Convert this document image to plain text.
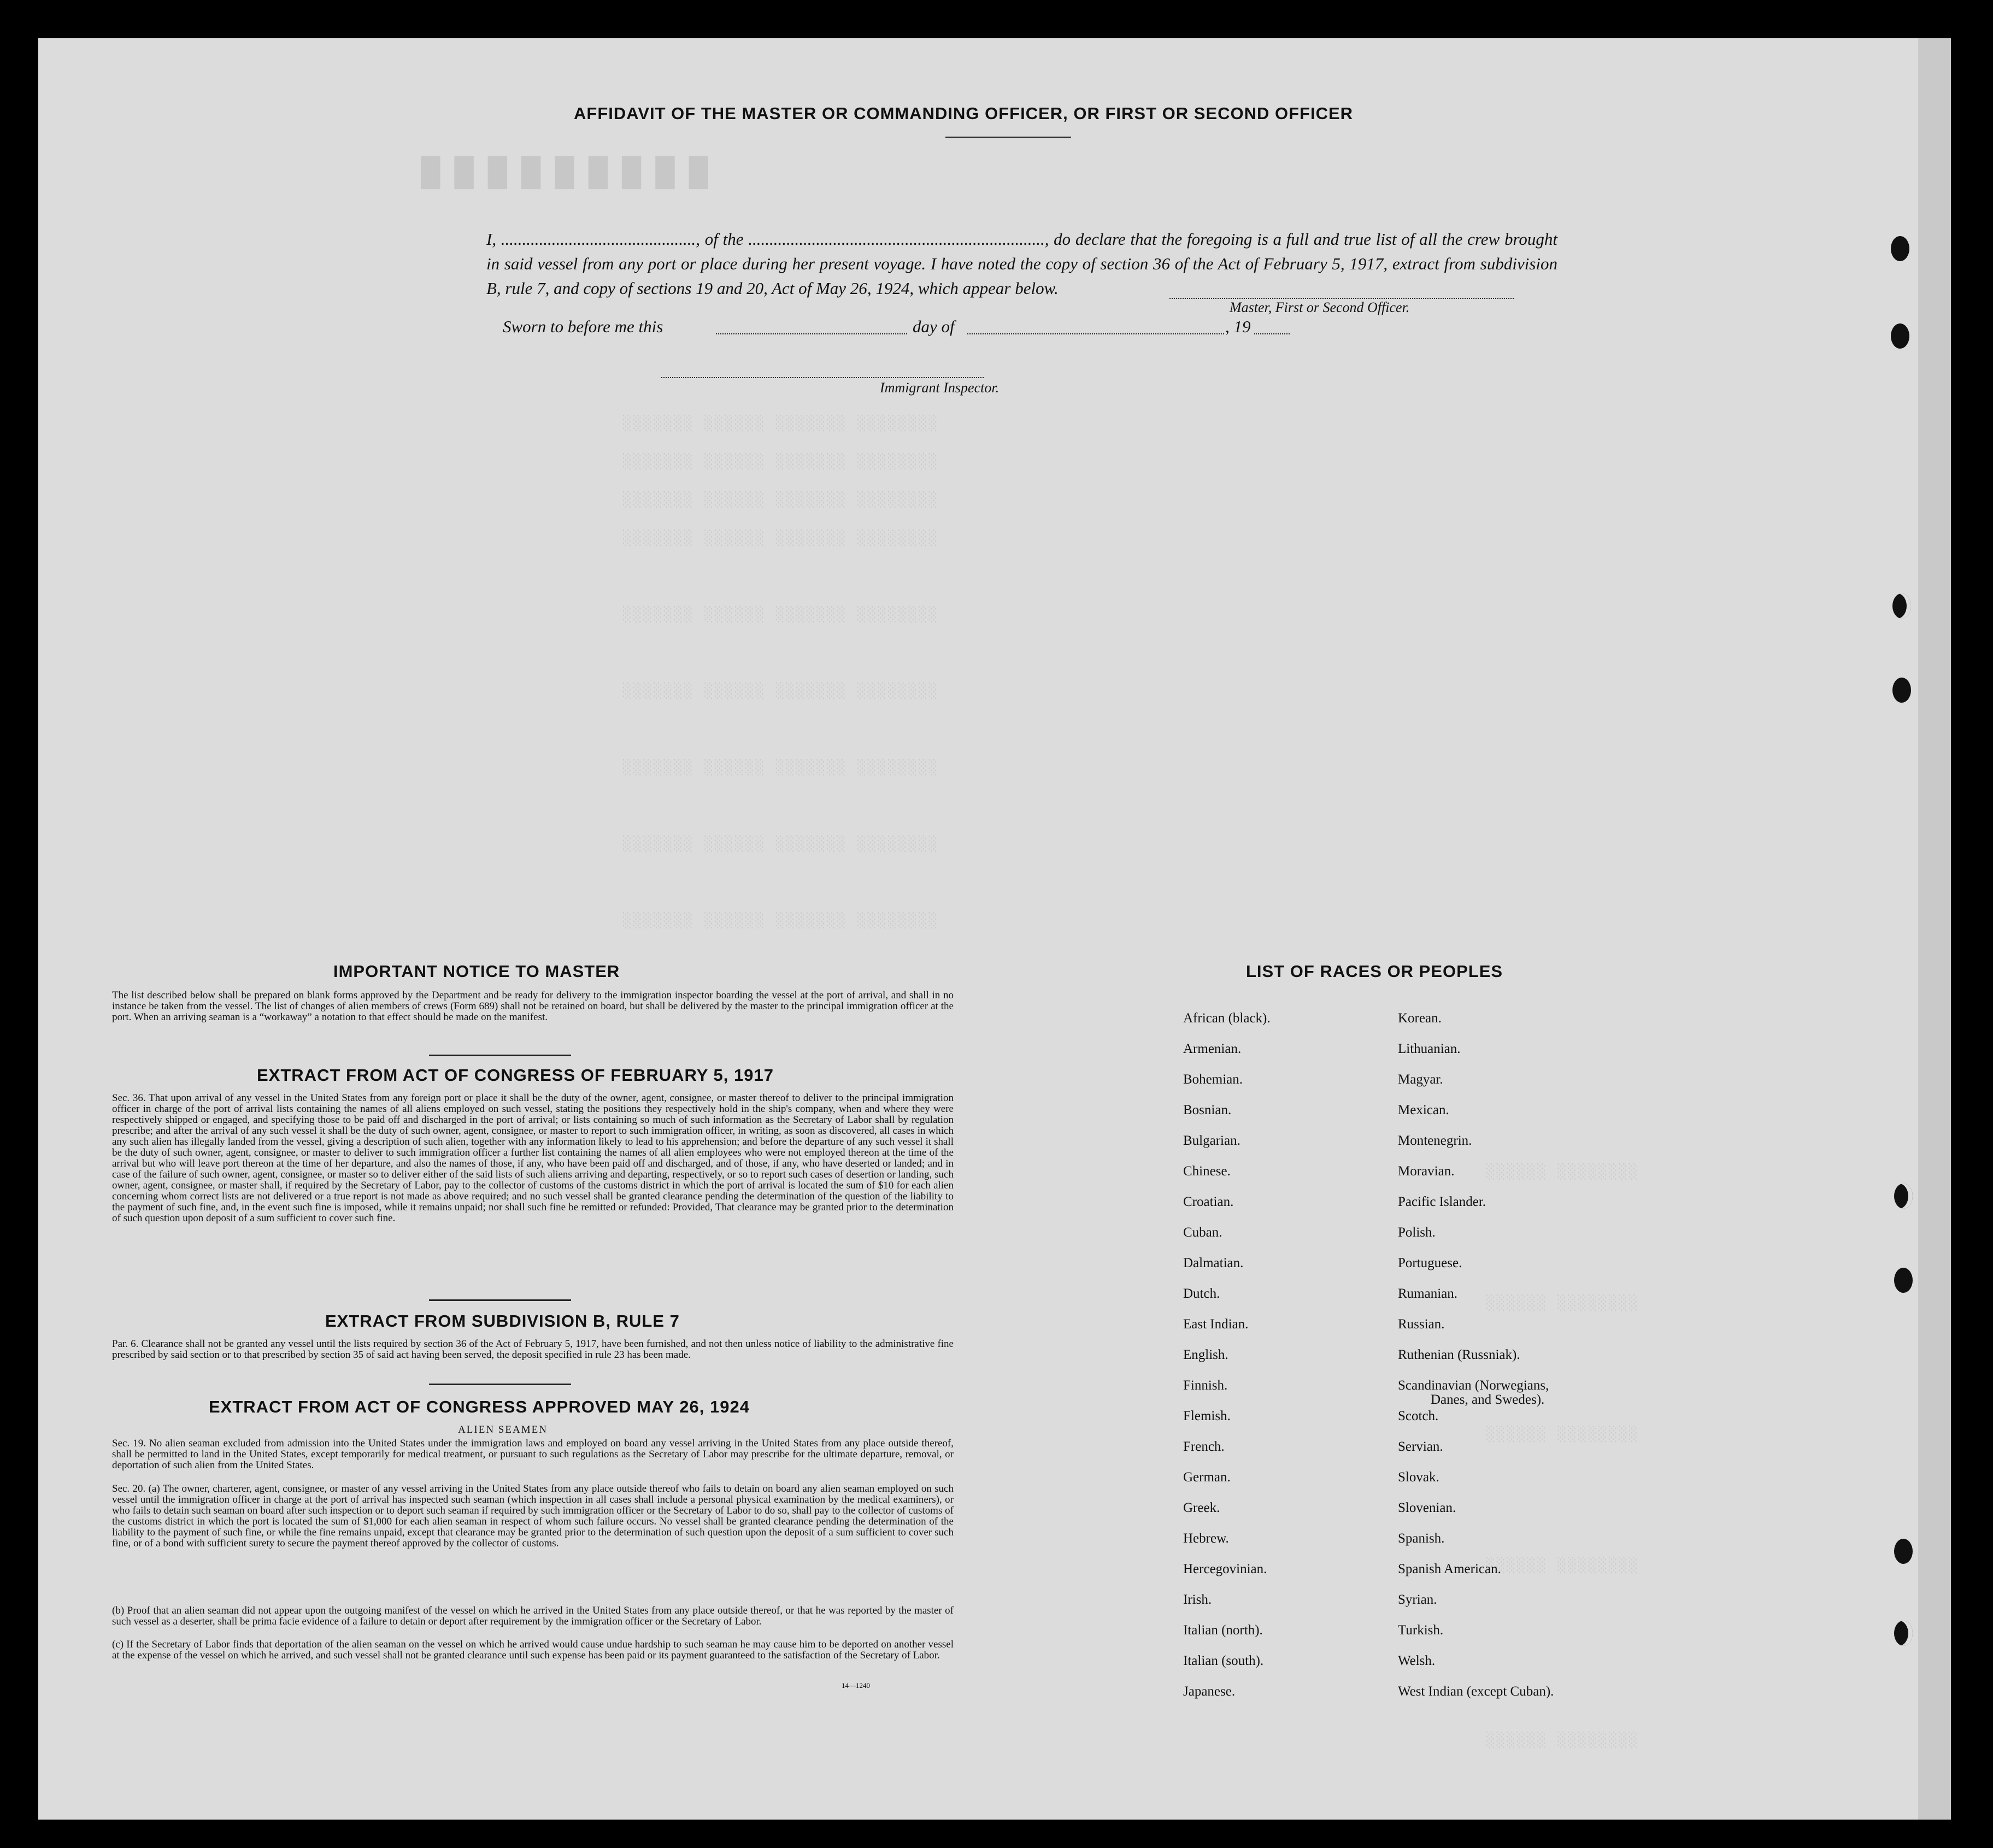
█ █ █ █ █ █ █ █ █
░░░░░░░ ░░░░░░ ░░░░░░░ ░░░░░░░░
░░░░░░░ ░░░░░░ ░░░░░░░ ░░░░░░░░
░░░░░░░ ░░░░░░ ░░░░░░░ ░░░░░░░░
░░░░░░░ ░░░░░░ ░░░░░░░ ░░░░░░░░
░░░░░░░ ░░░░░░ ░░░░░░░ ░░░░░░░░
░░░░░░░ ░░░░░░ ░░░░░░░ ░░░░░░░░
░░░░░░░ ░░░░░░ ░░░░░░░ ░░░░░░░░
░░░░░░░ ░░░░░░ ░░░░░░░ ░░░░░░░░
░░░░░░░ ░░░░░░ ░░░░░░░ ░░░░░░░░
░░░░░░ ░░░░░░░░
░░░░░░ ░░░░░░░░
░░░░░░ ░░░░░░░░
░░░░░░ ░░░░░░░░
░░░░░░ ░░░░░░░░
AFFIDAVIT OF THE MASTER OR COMMANDING OFFICER, OR FIRST OR SECOND OFFICER
I, .............................................., of the ......................................................................, do declare that the foregoing is a full and true list of all the crew brought in said vessel from any port or place during her present voyage. I have noted the copy of section 36 of the Act of February 5, 1917, extract from subdivision B, rule 7, and copy of sections 19 and 20, Act of May 26, 1924, which appear below.
Master, First or Second Officer.
Sworn to before me this	day of	, 19
Immigrant Inspector.
IMPORTANT NOTICE TO MASTER
The list described below shall be prepared on blank forms approved by the Department and be ready for delivery to the immigration inspector boarding the vessel at the port of arrival, and shall in no instance be taken from the vessel. The list of changes of alien members of crews (Form 689) shall not be retained on board, but shall be delivered by the master to the principal immigration officer at the port. When an arriving seaman is a “workaway” a notation to that effect should be made on the manifest.
EXTRACT FROM ACT OF CONGRESS OF FEBRUARY 5, 1917
Sec. 36. That upon arrival of any vessel in the United States from any foreign port or place it shall be the duty of the owner, agent, consignee, or master thereof to deliver to the principal immigration officer in charge of the port of arrival lists containing the names of all aliens employed on such vessel, stating the positions they respectively hold in the ship's company, when and where they were respectively shipped or engaged, and specifying those to be paid off and discharged in the port of arrival; or lists containing so much of such information as the Secretary of Labor shall by regulation prescribe; and after the arrival of any such vessel it shall be the duty of such owner, agent, consignee, or master to report to such immigration officer, in writing, as soon as discovered, all cases in which any such alien has illegally landed from the vessel, giving a description of such alien, together with any information likely to lead to his apprehension; and before the departure of any such vessel it shall be the duty of such owner, agent, consignee, or master to deliver to such immigration officer a further list containing the names of all alien employees who were not employed thereon at the time of the arrival but who will leave port thereon at the time of her departure, and also the names of those, if any, who have been paid off and discharged, and of those, if any, who have deserted or landed; and in case of the failure of such owner, agent, consignee, or master so to deliver either of the said lists of such aliens arriving and departing, respectively, or so to report such cases of desertion or landing, such owner, agent, consignee, or master shall, if required by the Secretary of Labor, pay to the collector of customs of the customs district in which the port of arrival is located the sum of $10 for each alien concerning whom correct lists are not delivered or a true report is not made as above required; and no such vessel shall be granted clearance pending the determination of the question of the liability to the payment of such fine, and, in the event such fine is imposed, while it remains unpaid; nor shall such fine be remitted or refunded: Provided, That clearance may be granted prior to the determination of such question upon deposit of a sum sufficient to cover such fine.
EXTRACT FROM SUBDIVISION B, RULE 7
Par. 6. Clearance shall not be granted any vessel until the lists required by section 36 of the Act of February 5, 1917, have been furnished, and not then unless notice of liability to the administrative fine prescribed by said section or to that prescribed by section 35 of said act having been served, the deposit specified in rule 23 has been made.
EXTRACT FROM ACT OF CONGRESS APPROVED MAY 26, 1924
ALIEN SEAMEN
Sec. 19. No alien seaman excluded from admission into the United States under the immigration laws and employed on board any vessel arriving in the United States from any place outside thereof, shall be permitted to land in the United States, except temporarily for medical treatment, or pursuant to such regulations as the Secretary of Labor may prescribe for the ultimate departure, removal, or deportation of such alien from the United States.
Sec. 20. (a) The owner, charterer, agent, consignee, or master of any vessel arriving in the United States from any place outside thereof who fails to detain on board any alien seaman employed on such vessel until the immigration officer in charge at the port of arrival has inspected such seaman (which inspection in all cases shall include a personal physical examination by the medical examiners), or who fails to detain such seaman on board after such inspection or to deport such seaman if required by such immigration officer or the Secretary of Labor to do so, shall pay to the collector of customs of the customs district in which the port is located the sum of $1,000 for each alien seaman in respect of whom such failure occurs. No vessel shall be granted clearance pending the determination of the liability to the payment of such fine, or while the fine remains unpaid, except that clearance may be granted prior to the determination of such question upon the deposit of a sum sufficient to cover such fine, or of a bond with sufficient surety to secure the payment thereof approved by the collector of customs.
(b) Proof that an alien seaman did not appear upon the outgoing manifest of the vessel on which he arrived in the United States from any place outside thereof, or that he was reported by the master of such vessel as a deserter, shall be prima facie evidence of a failure to detain or deport after requirement by the immigration officer or the Secretary of Labor.
(c) If the Secretary of Labor finds that deportation of the alien seaman on the vessel on which he arrived would cause undue hardship to such seaman he may cause him to be deported on another vessel at the expense of the vessel on which he arrived, and such vessel shall not be granted clearance until such expense has been paid or its payment guaranteed to the satisfaction of the Secretary of Labor.
14—1240
LIST OF RACES OR PEOPLES
African (black).
Armenian.
Bohemian.
Bosnian.
Bulgarian.
Chinese.
Croatian.
Cuban.
Dalmatian.
Dutch.
East Indian.
English.
Finnish.
Flemish.
French.
German.
Greek.
Hebrew.
Hercegovinian.
Irish.
Italian (north).
Italian (south).
Japanese.
Korean.
Lithuanian.
Magyar.
Mexican.
Montenegrin.
Moravian.
Pacific Islander.
Polish.
Portuguese.
Rumanian.
Russian.
Ruthenian (Russniak).
Scandinavian (Norwegians,
Danes, and Swedes).
Scotch.
Servian.
Slovak.
Slovenian.
Spanish.
Spanish American.
Syrian.
Turkish.
Welsh.
West Indian (except Cuban).
